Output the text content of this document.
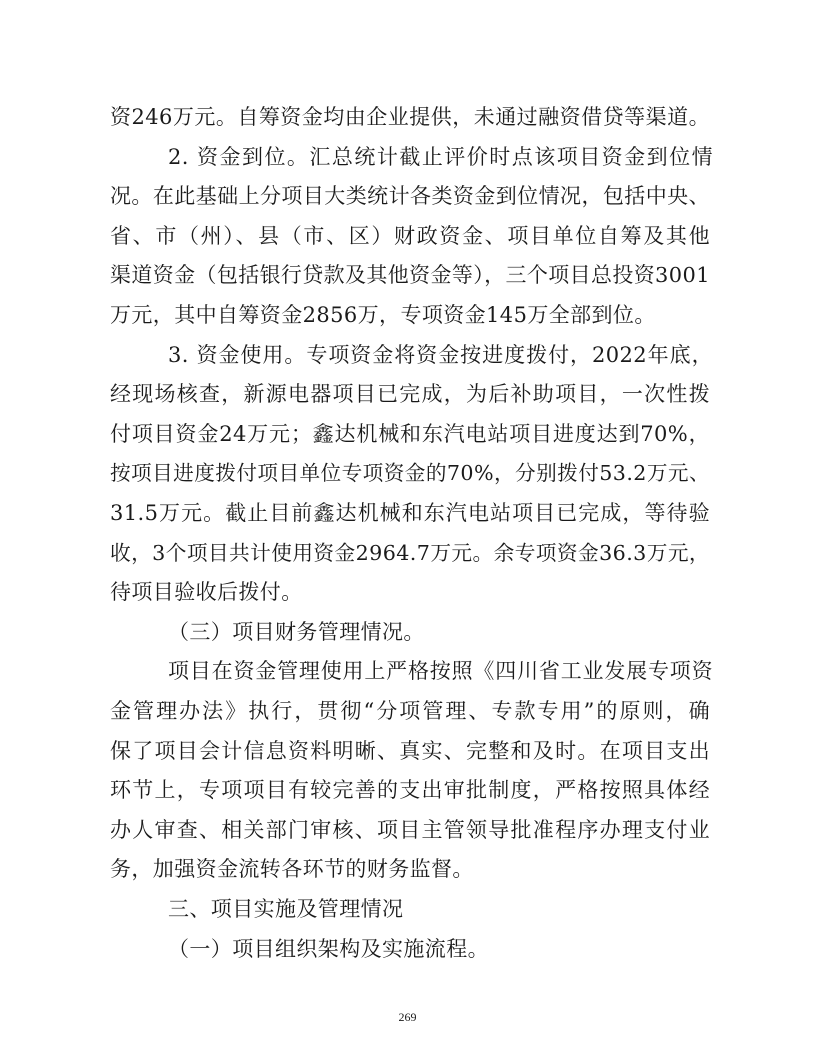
资246万元。自筹资金均由企业提供，未通过融资借贷等渠道。
2. 资金到位。汇总统计截止评价时点该项目资金到位情
况。在此基础上分项目大类统计各类资金到位情况，包括中央、
省、市（州）、县（市、区）财政资金、项目单位自筹及其他
渠道资金（包括银行贷款及其他资金等），三个项目总投资3001
万元，其中自筹资金2856万，专项资金145万全部到位。
3. 资金使用。专项资金将资金按进度拨付，2022年底，
经现场核查，新源电器项目已完成，为后补助项目，一次性拨
付项目资金24万元；鑫达机械和东汽电站项目进度达到70%，
按项目进度拨付项目单位专项资金的70%，分别拨付53.2万元、
31.5万元。截止目前鑫达机械和东汽电站项目已完成，等待验
收，3个项目共计使用资金2964.7万元。余专项资金36.3万元，
待项目验收后拨付。
（三）项目财务管理情况。
项目在资金管理使用上严格按照《四川省工业发展专项资
金管理办法》执行，贯彻“分项管理、专款专用”的原则，确
保了项目会计信息资料明晰、真实、完整和及时。在项目支出
环节上，专项项目有较完善的支出审批制度，严格按照具体经
办人审查、相关部门审核、项目主管领导批准程序办理支付业
务，加强资金流转各环节的财务监督。
三、项目实施及管理情况
（一）项目组织架构及实施流程。
269
